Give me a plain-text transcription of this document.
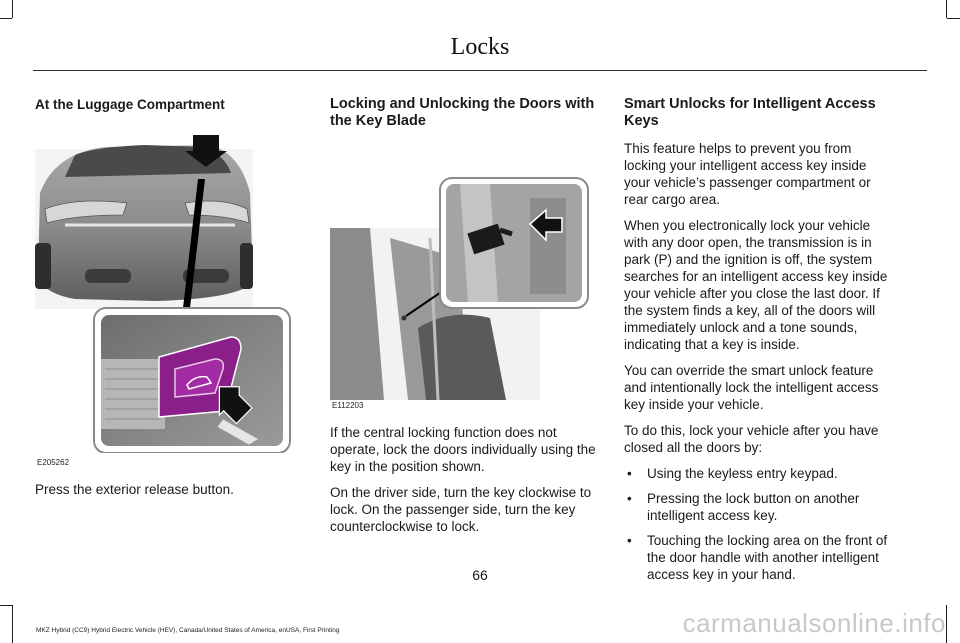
Locks
At the Luggage Compartment
E205262

Press the exterior release button.

Locking and Unlocking the Doors with the Key Blade
E112203

If the central locking function does not operate, lock the doors individually using the key in the position shown.

On the driver side, turn the key clockwise to lock. On the passenger side, turn the key counterclockwise to lock.

Smart Unlocks for Intelligent Access Keys

This feature helps to prevent you from locking your intelligent access key inside your vehicle’s passenger compartment or rear cargo area.

When you electronically lock your vehicle with any door open, the transmission is in park (P) and the ignition is off, the system searches for an intelligent access key inside your vehicle after you close the last door. If the system finds a key, all of the doors will immediately unlock and a tone sounds, indicating that a key is inside.

You can override the smart unlock feature and intentionally lock the intelligent access key inside your vehicle.

To do this, lock your vehicle after you have closed all the doors by:

• Using the keyless entry keypad.
• Pressing the lock button on another intelligent access key.
• Touching the locking area on the front of the door handle with another intelligent access key in your hand.
66
MKZ Hybrid (CC9) Hybrid Electric Vehicle (HEV), Canada/United States of America, enUSA, First Printing	carmanualsonline.info
